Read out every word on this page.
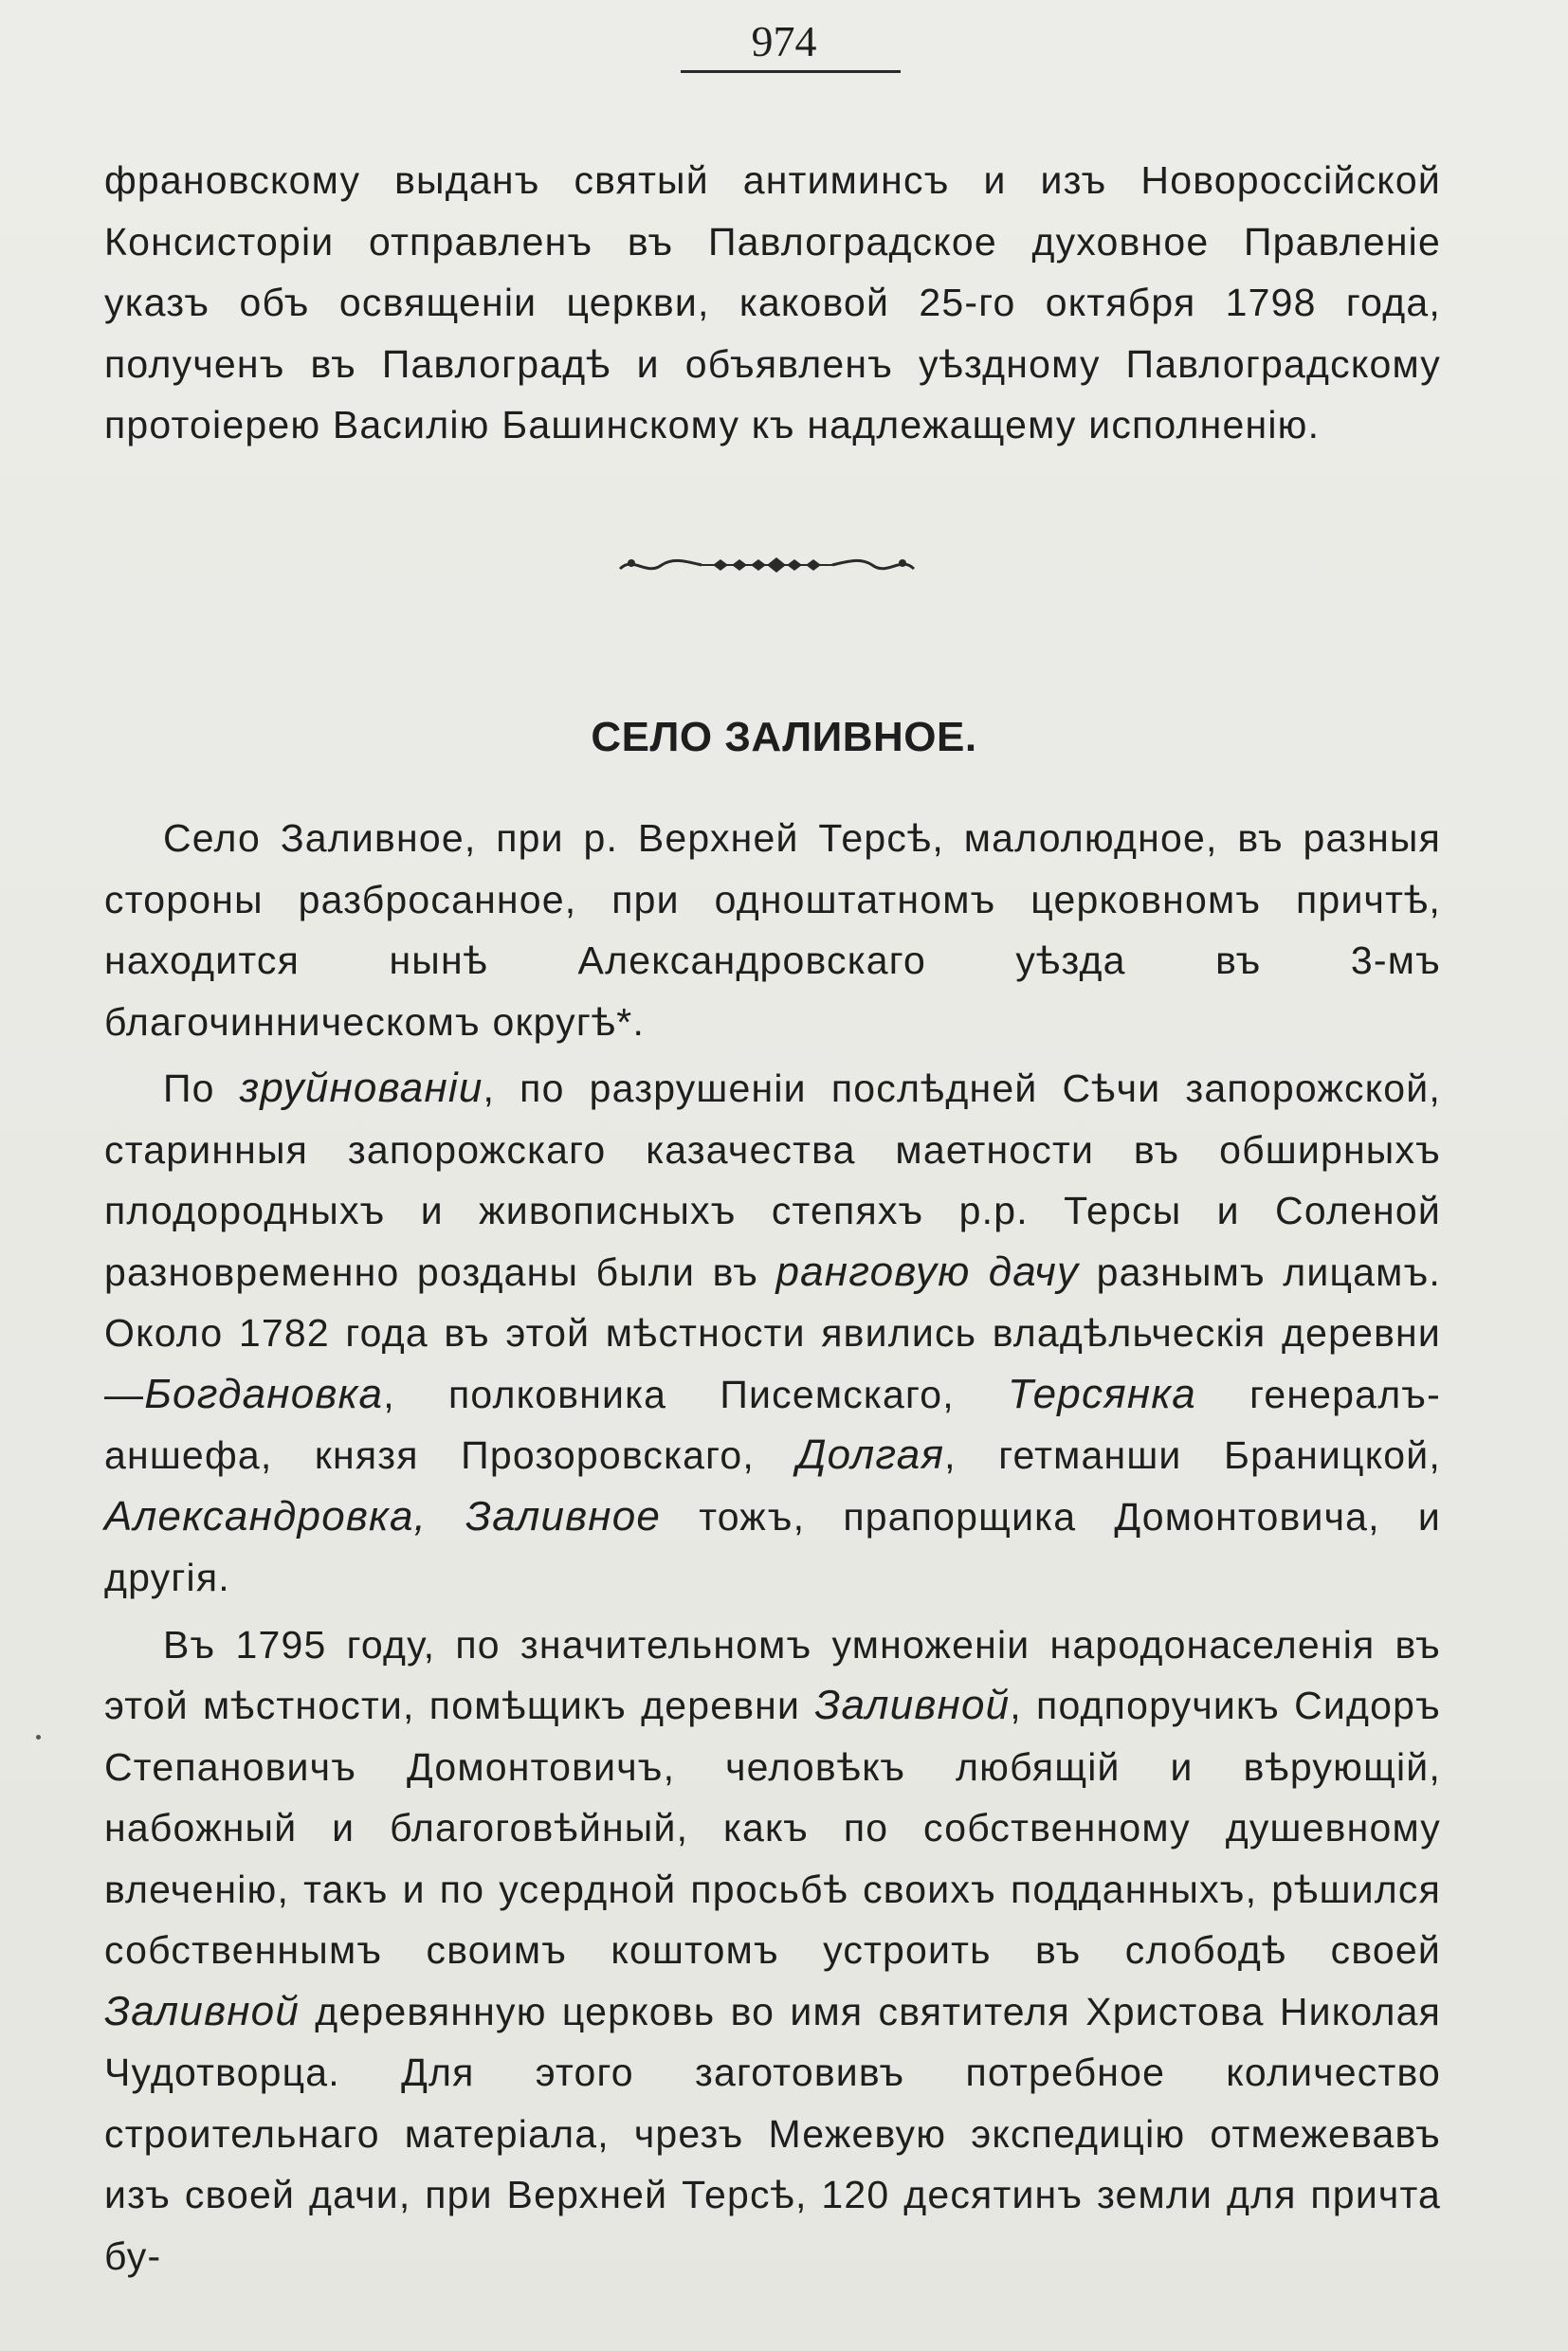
974

франовскому выданъ святый антиминсъ и изъ Новороссійской Консисторіи отправленъ въ Павлоградское духовное Правленіе указъ объ освященіи церкви, каковой 25-го октября 1798 года, полученъ въ Павлоградѣ и объявленъ уѣздному Павлоградскому протоіерею Василію Башинскому къ надлежащему исполненію.

СЕЛО ЗАЛИВНОЕ.

Село Заливное, при р. Верхней Терсѣ, малолюдное, въ разныя стороны разбросанное, при одноштатномъ церковномъ причтѣ, находится нынѣ Александровскаго уѣзда въ 3-мъ благочинническомъ округѣ*.

По зруйнованіи, по разрушеніи послѣдней Сѣчи запорожской, старинныя запорожскаго казачества маетности въ обширныхъ плодородныхъ и живописныхъ степяхъ р.р. Терсы и Соленой разновременно розданы были въ ранговую дачу разнымъ лицамъ. Около 1782 года въ этой мѣстности явились владѣльческія деревни—Богдановка, полковника Писемскаго, Терсянка генералъ-аншефа, князя Прозоровскаго, Долгая, гетманши Браницкой, Александровка, Заливное тожъ, прапорщика Домонтовича, и другія.

Въ 1795 году, по значительномъ умноженіи народонаселенія въ этой мѣстности, помѣщикъ деревни Заливной, подпоручикъ Сидоръ Степановичъ Домонтовичъ, человѣкъ любящій и вѣрующій, набожный и благоговѣйный, какъ по собственному душевному влеченію, такъ и по усердной просьбѣ своихъ подданныхъ, рѣшился собственнымъ своимъ коштомъ устроить въ слободѣ своей Заливной деревянную церковь во имя святителя Христова Николая Чудотворца. Для этого заготовивъ потребное количество строительнаго матеріала, чрезъ Межевую экспедицію отмежевавъ изъ своей дачи, при Верхней Терсѣ, 120 десятинъ земли для причта бу-
